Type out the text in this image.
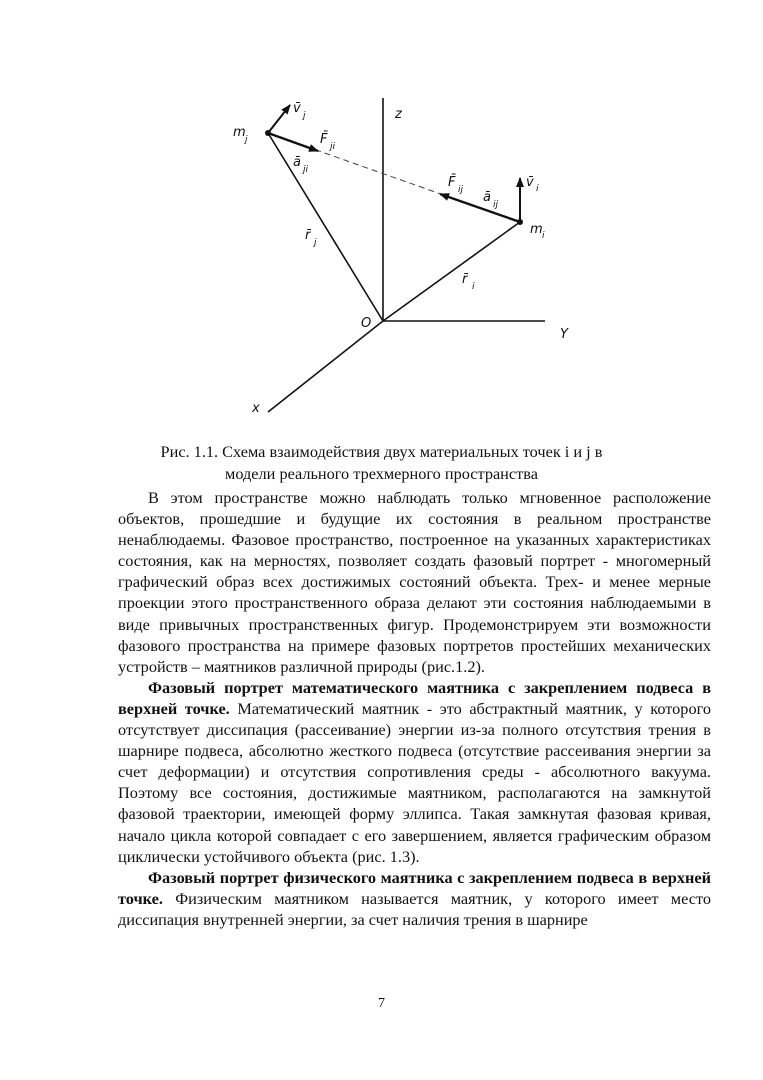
z
Y
x
O
m j
m i
v̄ j
v̄ i
F̄ ji
F̄ ij
ā ji
ā ij
r̄ j
r̄ i

Рис. 1.1. Схема взаимодействия двух материальных точек i и j в

модели реального трехмерного пространства

В этом пространстве можно наблюдать только мгновенное расположение объектов, прошедшие и будущие их состояния в реальном пространстве ненаблюдаемы. Фазовое пространство, построенное на указанных характеристиках состояния, как на мерностях, позволяет создать фазовый портрет - многомерный графический образ всех достижимых состояний объекта. Трех- и менее мерные проекции этого пространственного образа делают эти состояния наблюдаемыми в виде привычных пространственных фигур. Продемонстрируем эти возможности фазового пространства на примере фазовых портретов простейших механических устройств – маятников различной природы (рис.1.2).

Фазовый портрет математического маятника с закреплением подвеса в верхней точке. Математический маятник - это абстрактный маятник, у которого отсутствует диссипация (рассеивание) энергии из-за полного отсутствия трения в шарнире подвеса, абсолютно жесткого подвеса (отсутствие рассеивания энергии за счет деформации) и отсутствия сопротивления среды - абсолютного вакуума. Поэтому все состояния, достижимые маятником, располагаются на замкнутой фазовой траектории, имеющей форму эллипса. Такая замкнутая фазовая кривая, начало цикла которой совпадает с его завершением, является графическим образом циклически устойчивого объекта (рис. 1.3).

Фазовый портрет физического маятника с закреплением подвеса в верхней точке. Физическим маятником называется маятник, у которого имеет место диссипация внутренней энергии, за счет наличия трения в шарнире

7
